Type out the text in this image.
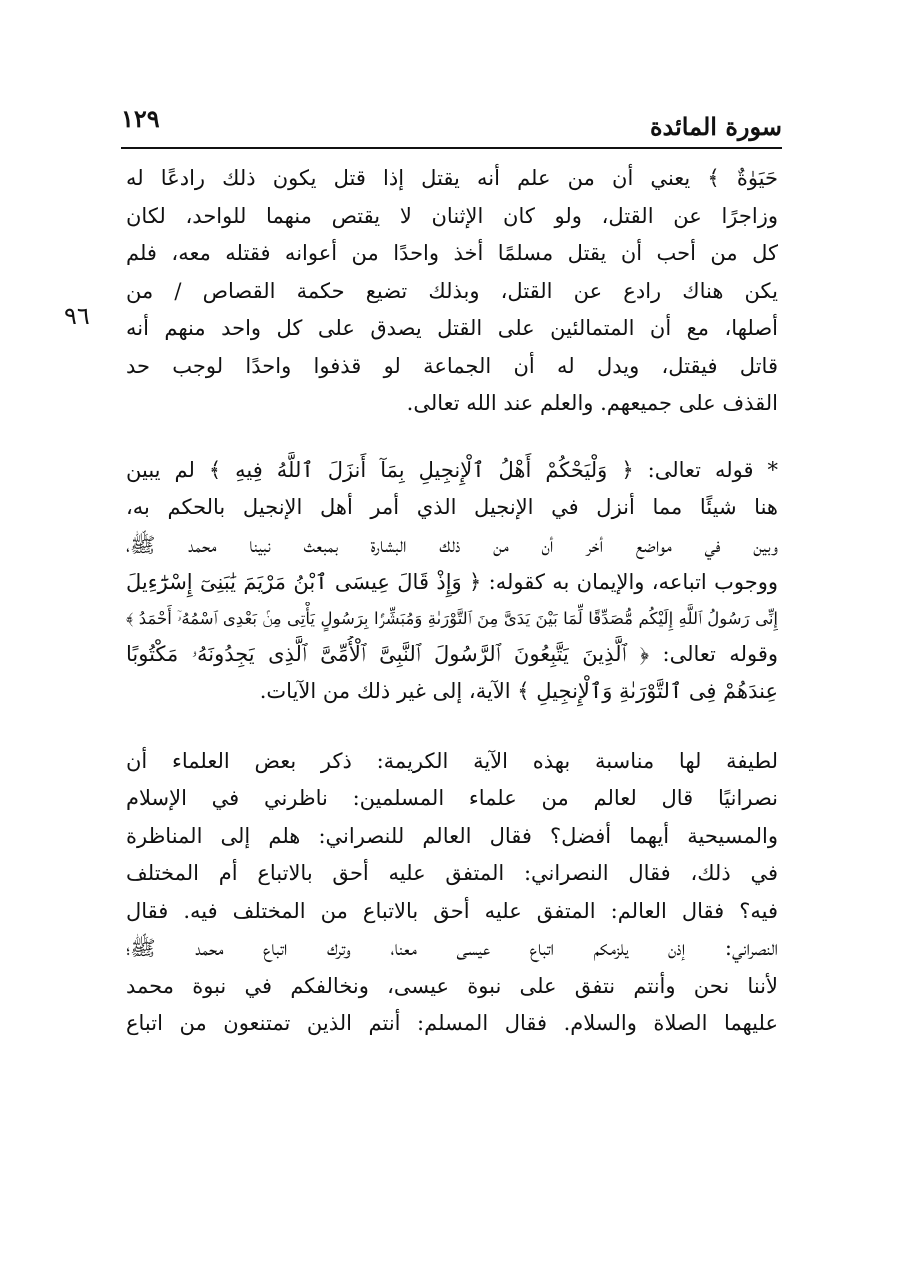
سورة المائدة
١٢٩
٩٦
حَيَوٰةٌ ﴾ يعني أن من علم أنه يقتل إذا قتل يكون ذلك رادعًا له
وزاجرًا عن القتل، ولو كان الإثنان لا يقتص منهما للواحد، لكان
كل من أحب أن يقتل مسلمًا أخذ واحدًا من أعوانه فقتله معه، فلم
يكن هناك رادع عن القتل، وبذلك تضيع حكمة القصاص / من
أصلها، مع أن المتمالئين على القتل يصدق على كل واحد منهم أنه
قاتل فيقتل، ويدل له أن الجماعة لو قذفوا واحدًا لوجب حد
القذف على جميعهم. والعلم عند الله تعالى.
* قوله تعالى: ﴿ وَلْيَحْكُمْ أَهْلُ ٱلْإِنجِيلِ بِمَآ أَنزَلَ ٱللَّهُ فِيهِ ﴾ لم يبين
هنا شيئًا مما أنزل في الإنجيل الذي أمر أهل الإنجيل بالحكم به،
وبين في مواضع أخر أن من ذلك البشارة بمبعث نبينا محمد ﷺ،
ووجوب اتباعه، والإيمان به كقوله: ﴿ وَإِذْ قَالَ عِيسَى ٱبْنُ مَرْيَمَ يَٰبَنِىٓ إِسْرَٰٓءِيلَ
إِنِّى رَسُولُ ٱللَّهِ إِلَيْكُم مُّصَدِّقًا لِّمَا بَيْنَ يَدَىَّ مِنَ ٱلتَّوْرَىٰةِ وَمُبَشِّرًۢا بِرَسُولٍ يَأْتِى مِنۢ بَعْدِى ٱسْمُهُۥٓ أَحْمَدُ ﴾
وقوله تعالى: ﴿ ٱلَّذِينَ يَتَّبِعُونَ ٱلرَّسُولَ ٱلنَّبِىَّ ٱلْأُمِّىَّ ٱلَّذِى يَجِدُونَهُۥ مَكْتُوبًا
عِندَهُمْ فِى ٱلتَّوْرَىٰةِ وَٱلْإِنجِيلِ ﴾ الآية، إلى غير ذلك من الآيات.
لطيفة لها مناسبة بهذه الآية الكريمة: ذكر بعض العلماء أن
نصرانيًا قال لعالم من علماء المسلمين: ناظرني في الإسلام
والمسيحية أيهما أفضل؟ فقال العالم للنصراني: هلم إلى المناظرة
في ذلك، فقال النصراني: المتفق عليه أحق بالاتباع أم المختلف
فيه؟ فقال العالم: المتفق عليه أحق بالاتباع من المختلف فيه. فقال
النصراني: إذن يلزمكم اتباع عيسى معنا، وترك اتباع محمد ﷺ؛
لأننا نحن وأنتم نتفق على نبوة عيسى، ونخالفكم في نبوة محمد
عليهما الصلاة والسلام. فقال المسلم: أنتم الذين تمتنعون من اتباع
